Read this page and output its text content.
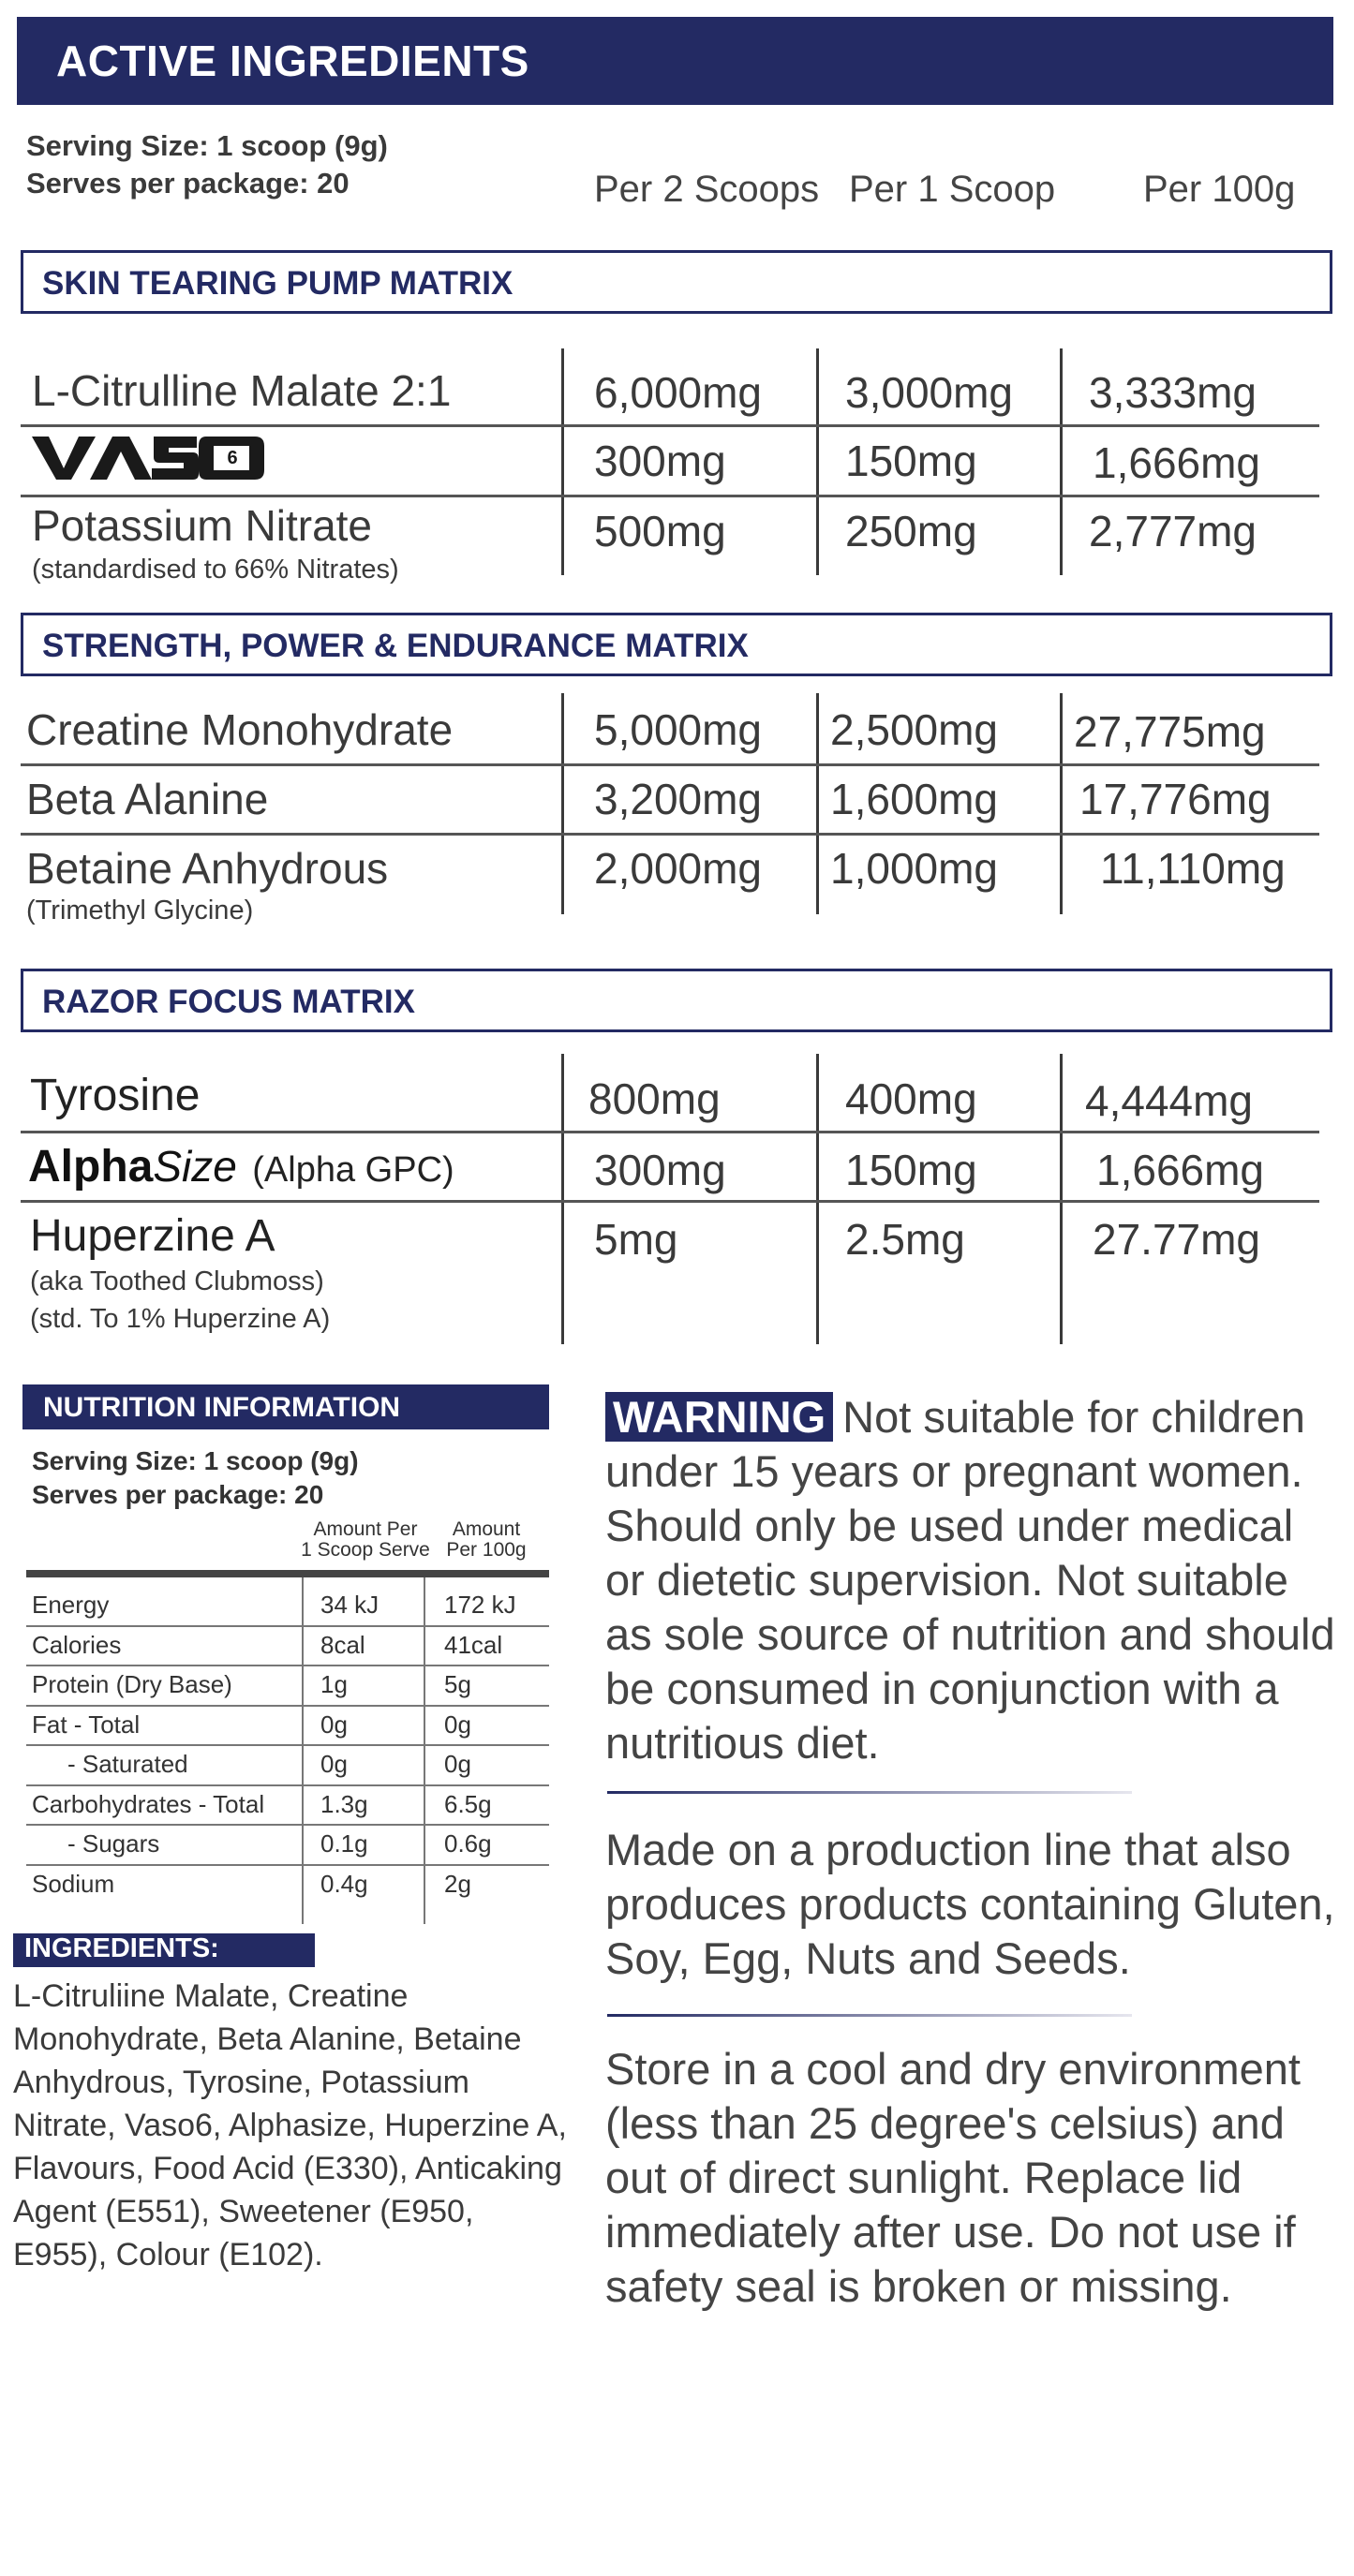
ACTIVE INGREDIENTS
Serving Size: 1 scoop (9g)
Serves per package: 20	Per 2 Scoops Per 1 Scoop Per 100g
SKIN TEARING PUMP MATRIX
L-Citrulline Malate 2:1	6,000mg 3,000mg 3,333mg
6	300mg	150mg	1,666mg
Potassium Nitrate
(standardised to 66% Nitrates)
500mg	250mg	2,777mg
STRENGTH, POWER & ENDURANCE MATRIX
Creatine Monohydrate	5,000mg 2,500mg 27,775mg
Beta Alanine	3,200mg 1,600mg 17,776mg
Betaine Anhydrous
(Trimethyl Glycine)
2,000mg 1,000mg 11,110mg
RAZOR FOCUS MATRIX
Tyrosine	800mg	400mg	4,444mg
AlphaSize (Alpha GPC)	300mg	150mg	1,666mg
Huperzine A
(aka Toothed Clubmoss)
(std. To 1% Huperzine A)
5mg	2.5mg	27.77mg
NUTRITION INFORMATION
Serving Size: 1 scoop (9g)
Serves per package: 20
Amount Per
1 Scoop Serve
Amount
Per 100g
Energy	34 kJ	172 kJ
Calories	8cal	41cal
Protein (Dry Base)	1g	5g
Fat - Total	0g	0g
- Saturated	0g	0g
Carbohydrates - Total 1.3g	6.5g
- Sugars	0.1g	0.6g
Sodium	0.4g	2g
INGREDIENTS:
L-Citruliine Malate, Creatine Monohydrate, Beta Alanine, Betaine Anhydrous, Tyrosine, Potassium Nitrate, Vaso6, Alphasize, Huperzine A, Flavours, Food Acid (E330), Anticaking Agent (E551), Sweetener (E950, E955), Colour (E102).
WARNING Not suitable for children under 15 years or pregnant women. Should only be used under medical or dietetic supervision. Not suitable as sole source of nutrition and should be consumed in conjunction with a nutritious diet.
Made on a production line that also produces products containing Gluten, Soy, Egg, Nuts and Seeds.
Store in a cool and dry environment (less than 25 degree's celsius) and out of direct sunlight. Replace lid immediately after use. Do not use if safety seal is broken or missing.
